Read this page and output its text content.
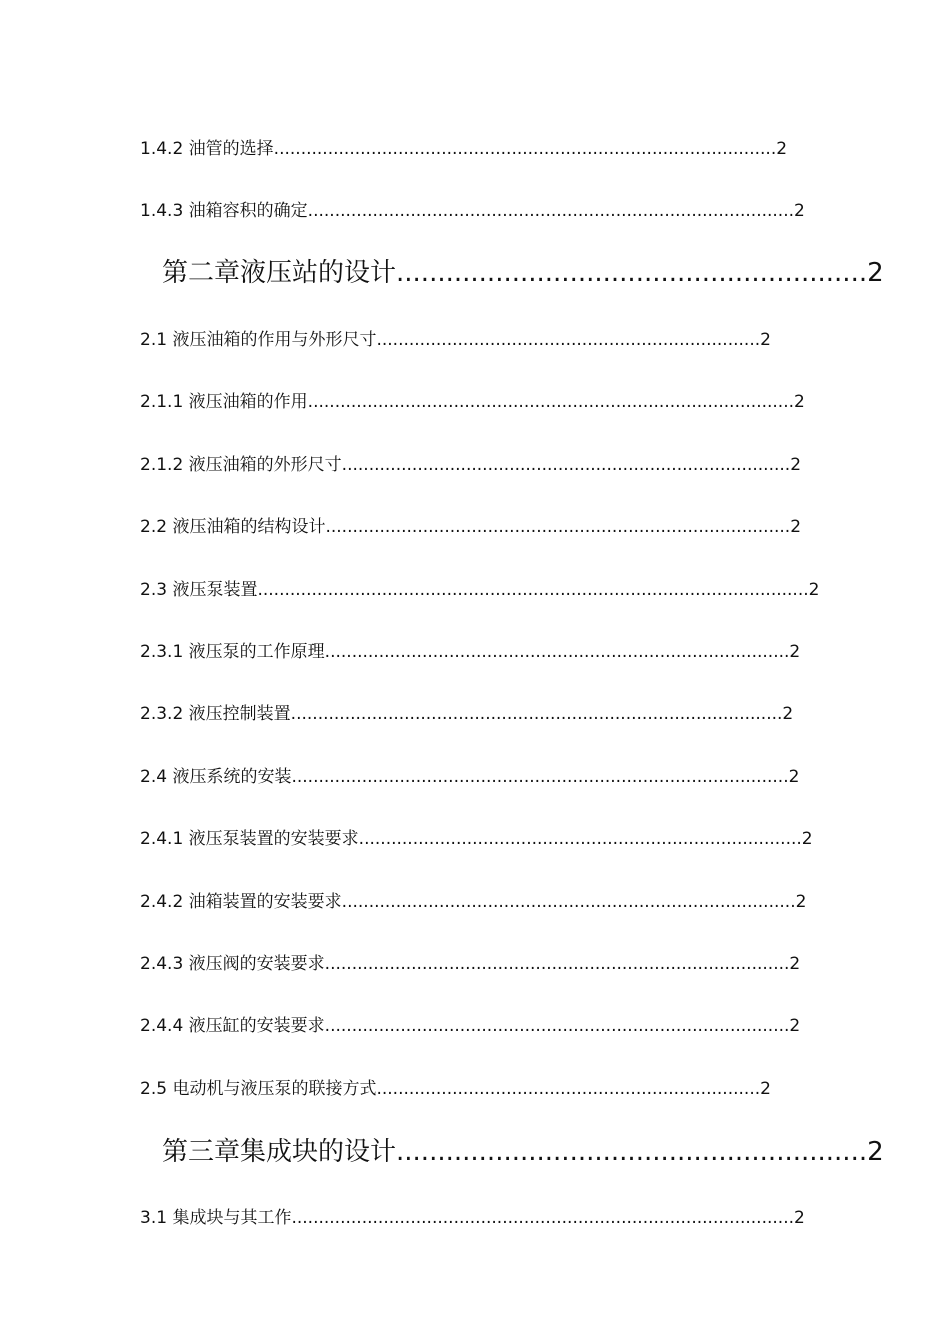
1.4.2 油管的选择.............................................................................................2
1.4.3 油箱容积的确定..........................................................................................2
第二章液压站的设计.........................................................2
2.1 液压油箱的作用与外形尺寸.......................................................................2
2.1.1 液压油箱的作用..........................................................................................2
2.1.2 液压油箱的外形尺寸...................................................................................2
2.2 液压油箱的结构设计......................................................................................2
2.3 液压泵装置......................................................................................................2
2.3.1 液压泵的工作原理......................................................................................2
2.3.2 液压控制装置...........................................................................................2
2.4 液压系统的安装............................................................................................2
2.4.1 液压泵装置的安装要求..................................................................................2
2.4.2 油箱装置的安装要求....................................................................................2
2.4.3 液压阀的安装要求......................................................................................2
2.4.4 液压缸的安装要求......................................................................................2
2.5 电动机与液压泵的联接方式.......................................................................2
第三章集成块的设计.........................................................2
3.1 集成块与其工作.............................................................................................2
